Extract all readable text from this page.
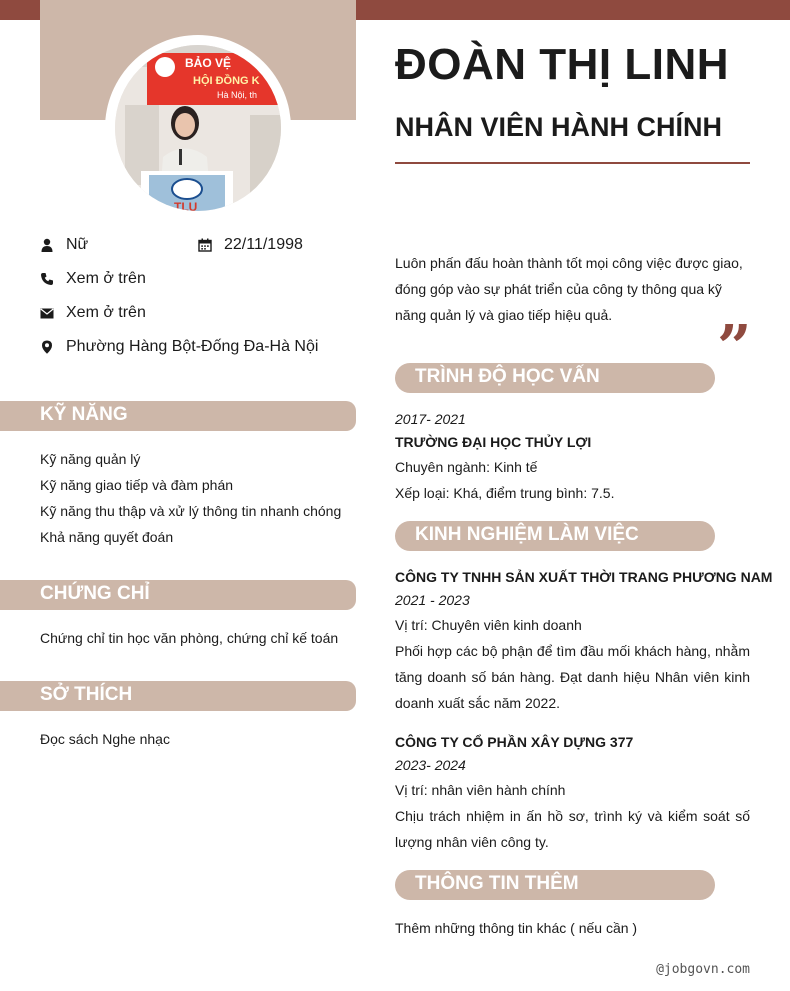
BẢO VỆ
HỘI ĐỒNG K
Hà Nội, th
TLU
ĐOÀN THỊ LINH
NHÂN VIÊN HÀNH CHÍNH
Nữ	22/11/1998
Xem ở trên
Xem ở trên
Phường Hàng Bột-Đống Đa-Hà Nội
Luôn phấn đấu hoàn thành tốt mọi công việc được giao, đóng góp vào sự phát triển của công ty thông qua kỹ năng quản lý và giao tiếp hiệu quả.	”
KỸ NĂNG
Kỹ năng quản lý
Kỹ năng giao tiếp và đàm phán
Kỹ năng thu thập và xử lý thông tin nhanh chóng
Khả năng quyết đoán
CHỨNG CHỈ
Chứng chỉ tin học văn phòng, chứng chỉ kế toán
SỞ THÍCH
Đọc sách Nghe nhạc
TRÌNH ĐỘ HỌC VẤN
2017- 2021
TRƯỜNG ĐẠI HỌC THỦY LỢI
Chuyên ngành: Kinh tế
Xếp loại: Khá, điểm trung bình: 7.5.
KINH NGHIỆM LÀM VIỆC
CÔNG TY TNHH SẢN XUẤT THỜI TRANG PHƯƠNG NAM
2021 - 2023
Vị trí: Chuyên viên kinh doanh
Phối hợp các bộ phận để tìm đầu mối khách hàng, nhằm tăng doanh số bán hàng. Đạt danh hiệu Nhân viên kinh doanh xuất sắc năm 2022.
CÔNG TY CỔ PHẦN XÂY DỰNG 377
2023- 2024
Vị trí: nhân viên hành chính
Chịu trách nhiệm in ấn hồ sơ, trình ký và kiểm soát số lượng nhân viên công ty.
THÔNG TIN THÊM
Thêm những thông tin khác ( nếu cần )
@jobgovn.com
